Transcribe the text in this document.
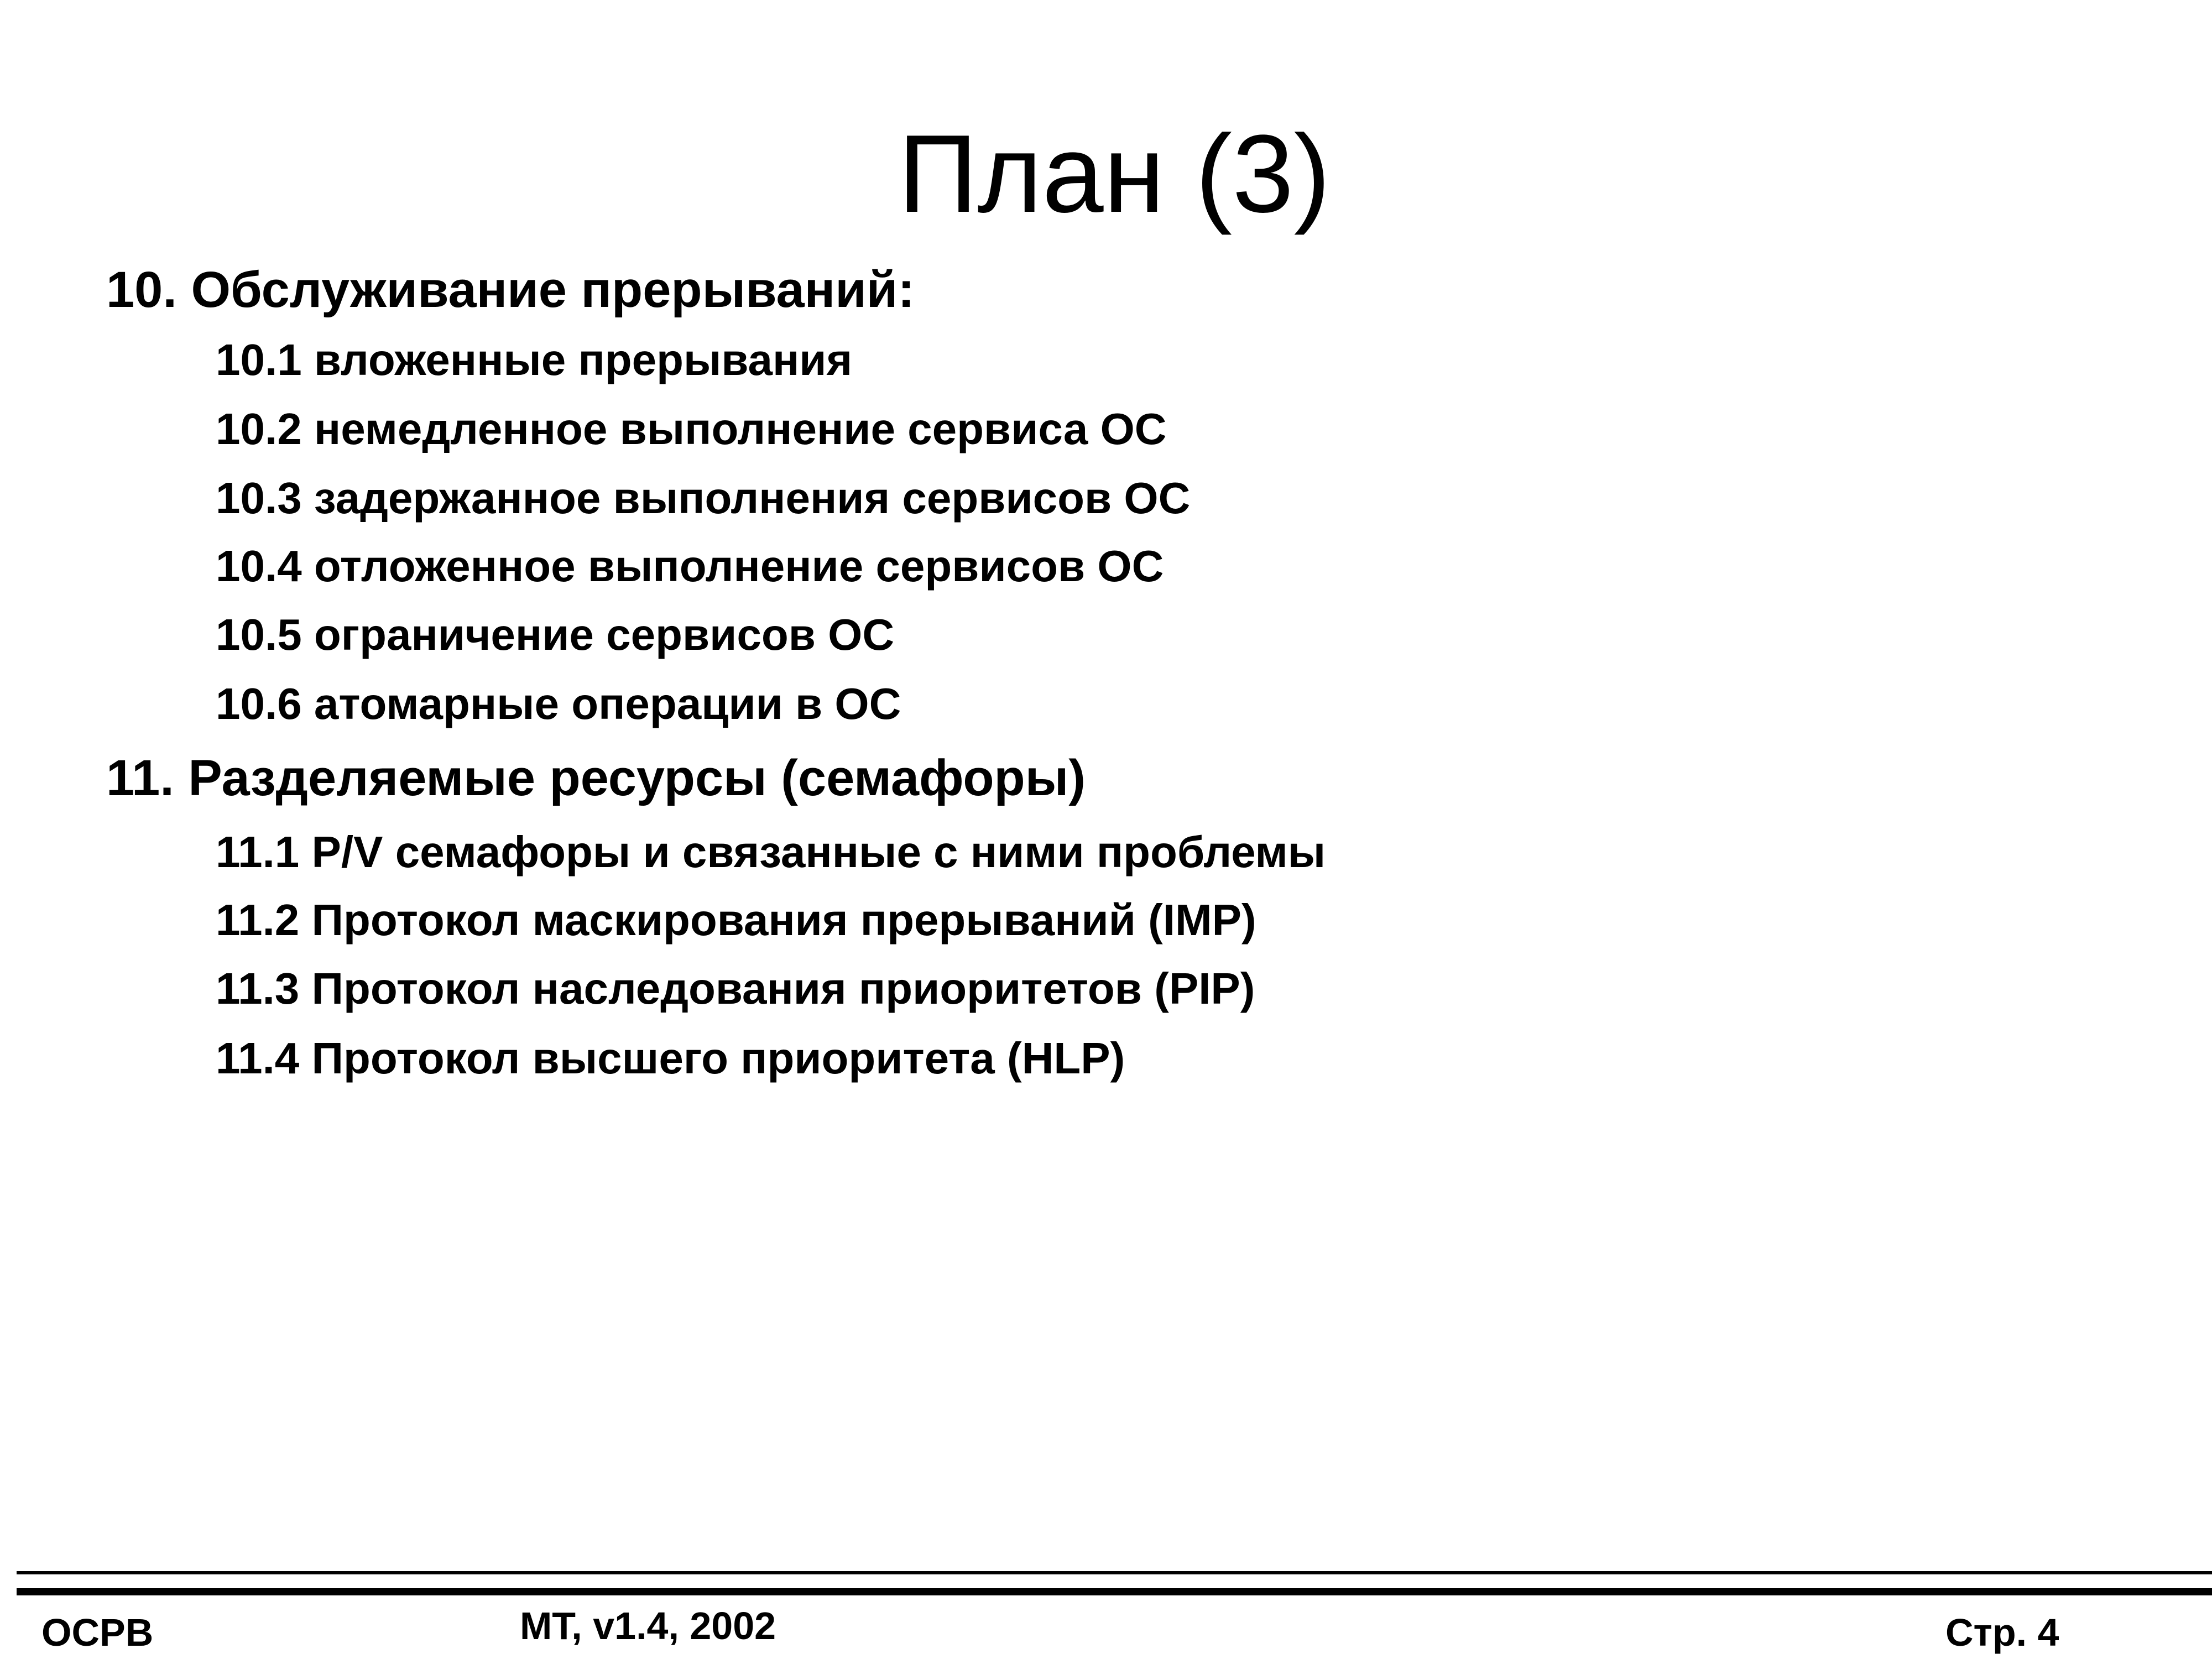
План (3)
10. Обслуживание прерываний:
10.1 вложенные прерывания
10.2 немедленное выполнение сервиса ОС
10.3 задержанное выполнения сервисов ОС
10.4 отложенное выполнение сервисов ОС
10.5 ограничение сервисов ОС
10.6 атомарные операции в ОС
11. Разделяемые ресурсы (семафоры)
11.1 P/V семафоры и связанные с ними проблемы
11.2 Протокол маскирования прерываний (IMP)
11.3 Протокол наследования приоритетов (PIP)
11.4 Протокол высшего приоритета (HLP)
ОСРВ	MT, v1.4, 2002	Стр. 4
